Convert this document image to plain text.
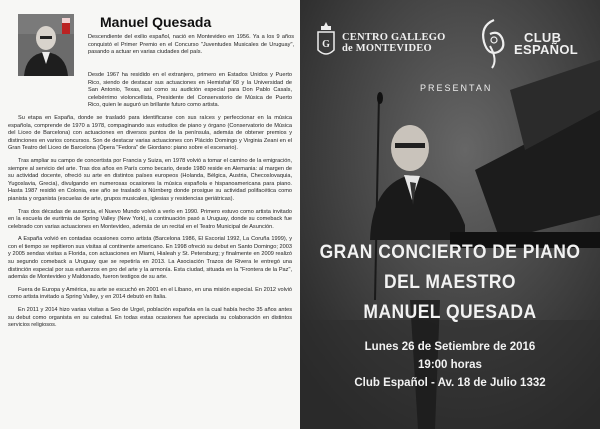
Manuel Quesada
Descendiente del exilio español, nació en Montevideo en 1956. Ya a los 9 años conquistó el Primer Premio en el Concurso "Juventudes Musicales de Uruguay", pasando a actuar en varias ciudades del país.

Desde 1967 ha residido en el extranjero, primero en Estados Unidos y Puerto Rico, siendo de destacar sus actuaciones en Hemisfair´68 y la Universidad de San Antonio, Texas, así como su audición especial para Don Pablo Casals, celebérrimo violoncellista, Presidente del Conservatorio de Música de Puerto Rico, quien le auguró un brillante futuro como artista.

Su etapa en España, donde se trasladó para identificarse con sus raíces y perfeccionar en la música española, comprende de 1970 a 1978, compaginando sus estudios de piano y órgano (Conservatorio de Música del Liceo de Barcelona) con actuaciones en diversos puntos de la península, además de obtener premios y distinciones en varios concursos. Son de destacar varias actuaciones con Plácido Domingo y Virginia Zeani en el Gran Teatro del Liceo de Barcelona (Ópera "Fedora" de Giordano: piano sobre el escenario).

Tras ampliar su campo de concertista por Francia y Suiza, en 1978 volvió a tomar el camino de la emigración, siempre al servicio del arte. Tras dos años en París como becario, desde 1980 reside en Alemania: al margen de su actividad docente, ofreció su arte en distintos países europeos (Holanda, Bélgica, Austria, Checoslovaquia, Yugoslavia, Grecia), divulgando en numerosas ocasiones la música española e hispanoamericana para piano. Hasta 1987 residió en Colonia, ese año se trasladó a Nürnberg donde prosigue su actividad polifacética como pianista y organista (escuelas de arte, grupos musicales, iglesias y residencias geriátricas).

Tras dos décadas de ausencia, el Nuevo Mundo volvió a verlo en 1990. Primero estuvo como artista invitado en la escuela de euritmia de Spring Valley (New York), a continuación pasó a Uruguay, donde su comeback fue celebrado con varias actuaciones en Montevideo, además de un recital en el Teatro Municipal de Asunción.

A España volvió en contadas ocasiones como artista (Barcelona 1986, El Escorial 1992, La Coruña 1999), y con el tiempo se repitieron sus visitas al continente americano. En 1998 ofreció su debut en Santo Domingo; 2003 y 2005 sendas visitas a Florida, con actuaciones en Miami, Hialeah y St. Petersburg; y finalmente en 2009 realizó su segundo comeback a Uruguay que se repetiría en 2013. La Asociación Trazos de Rivera le entregó una distinción especial por sus esfuerzos en pro del arte y la armonía. Esta ciudad, situada en la "Frontera de la Paz", además de Montevideo y Maldonado, fueron testigos de su arte.

Fuera de Europa y América, su arte se escuchó en 2001 en el Líbano, en una misión especial. En 2012 volvió como artista invitado a Spring Valley, y en 2014 debutó en Italia.

En 2011 y 2014 hizo varias visitas a Seo de Urgel, población española en la cual había hecho 35 años antes su debut como organista en su catedral. En todas estas ocasiones fue apreciada su colaboración en distintos servicios religiosos.

G
CENTRO GALLEGO
de MONTEVIDEO
CLUB
ESPAÑOL
PRESENTAN
GRAN CONCIERTO DE PIANO
DEL MAESTRO
MANUEL QUESADA
Lunes 26 de Setiembre de 2016
19:00 horas
Club Español - Av. 18 de Julio 1332
